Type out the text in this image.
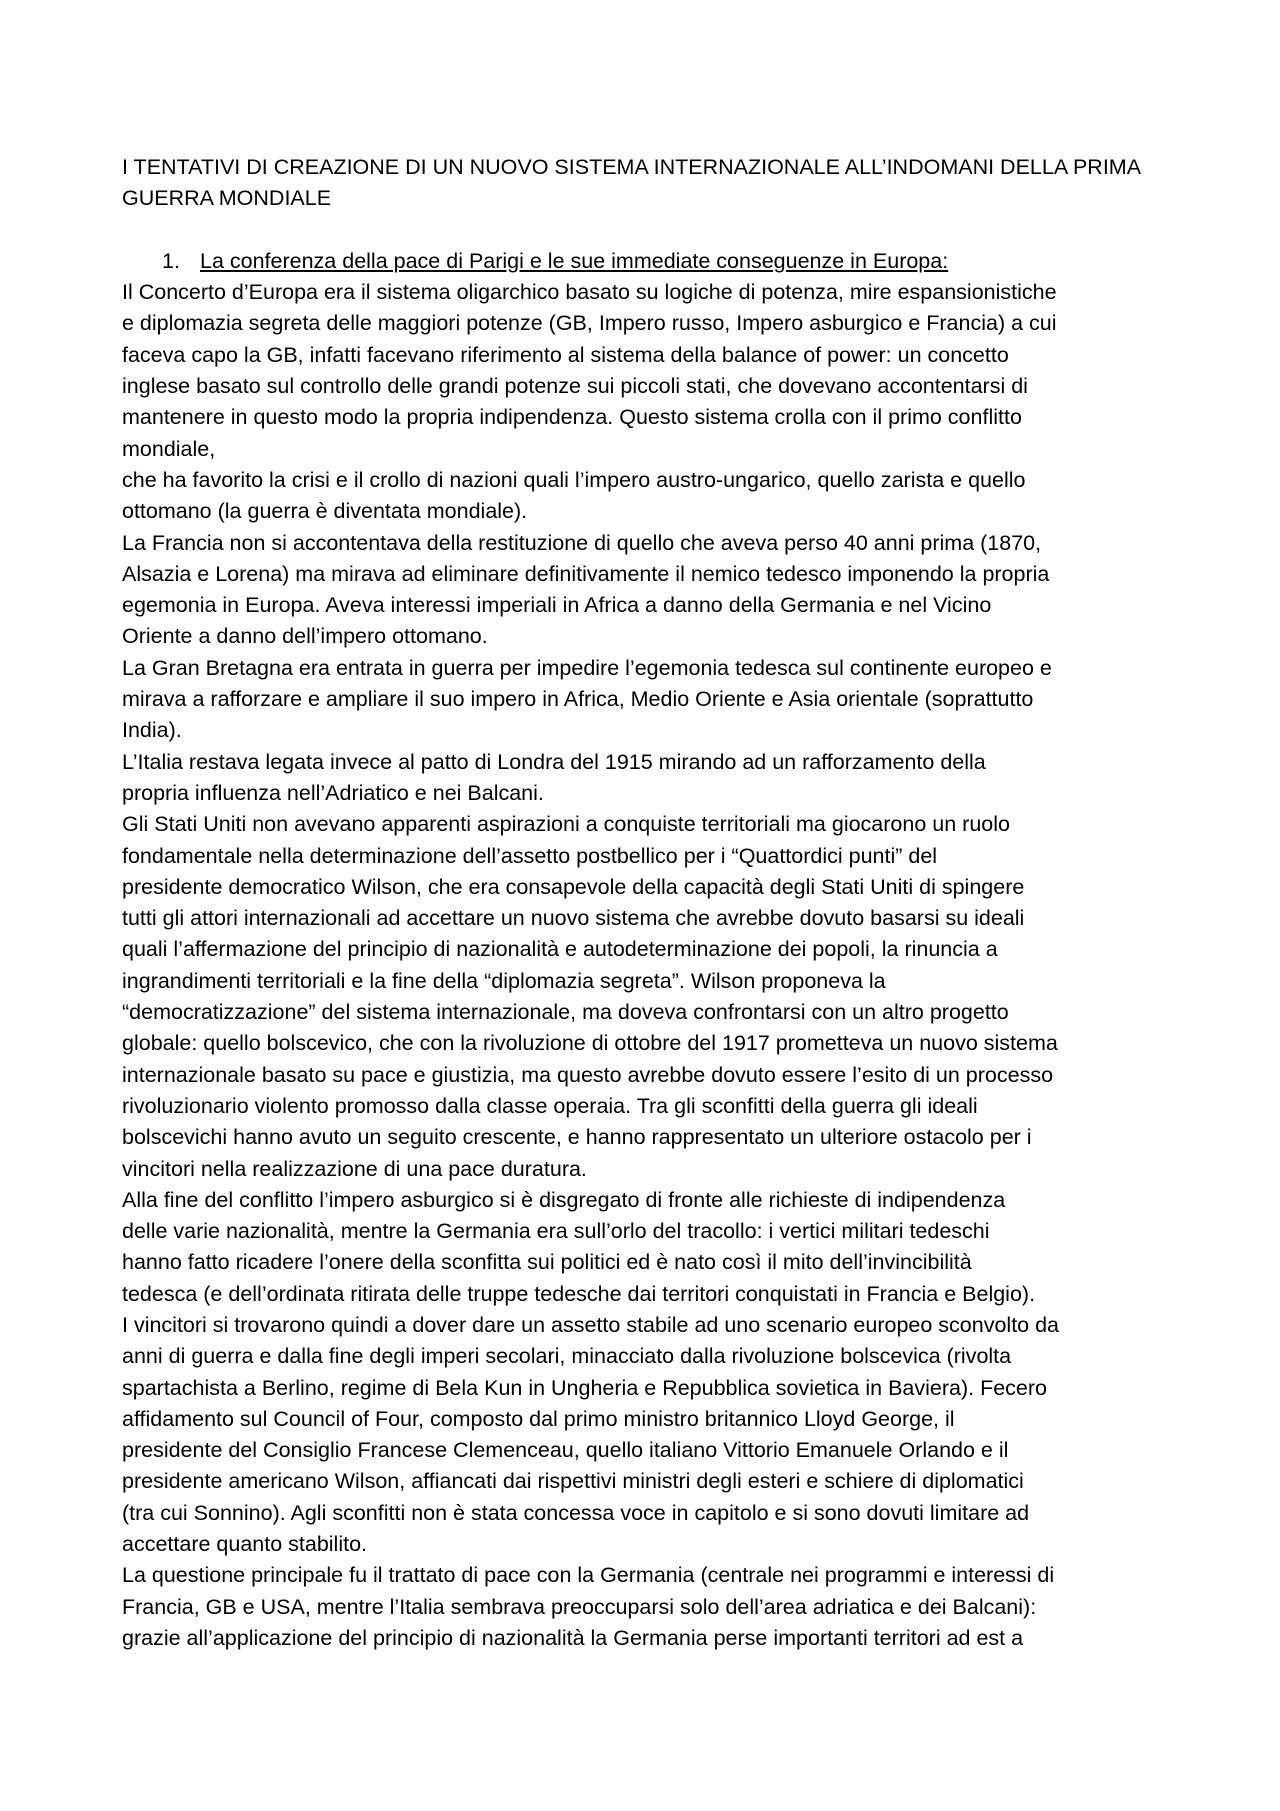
I TENTATIVI DI CREAZIONE DI UN NUOVO SISTEMA INTERNAZIONALE ALL’INDOMANI DELLA PRIMA
GUERRA MONDIALE
1. La conferenza della pace di Parigi e le sue immediate conseguenze in Europa:

Il Concerto d’Europa era il sistema oligarchico basato su logiche di potenza, mire espansionistiche
e diplomazia segreta delle maggiori potenze (GB, Impero russo, Impero asburgico e Francia) a cui
faceva capo la GB, infatti facevano riferimento al sistema della balance of power: un concetto
inglese basato sul controllo delle grandi potenze sui piccoli stati, che dovevano accontentarsi di
mantenere in questo modo la propria indipendenza. Questo sistema crolla con il primo conflitto
mondiale,

che ha favorito la crisi e il crollo di nazioni quali l’impero austro-ungarico, quello zarista e quello
ottomano (la guerra è diventata mondiale).

La Francia non si accontentava della restituzione di quello che aveva perso 40 anni prima (1870,
Alsazia e Lorena) ma mirava ad eliminare definitivamente il nemico tedesco imponendo la propria
egemonia in Europa. Aveva interessi imperiali in Africa a danno della Germania e nel Vicino
Oriente a danno dell’impero ottomano.

La Gran Bretagna era entrata in guerra per impedire l’egemonia tedesca sul continente europeo e
mirava a rafforzare e ampliare il suo impero in Africa, Medio Oriente e Asia orientale (soprattutto
India).

L’Italia restava legata invece al patto di Londra del 1915 mirando ad un rafforzamento della
propria influenza nell’Adriatico e nei Balcani.

Gli Stati Uniti non avevano apparenti aspirazioni a conquiste territoriali ma giocarono un ruolo
fondamentale nella determinazione dell’assetto postbellico per i “Quattordici punti” del
presidente democratico Wilson, che era consapevole della capacità degli Stati Uniti di spingere
tutti gli attori internazionali ad accettare un nuovo sistema che avrebbe dovuto basarsi su ideali
quali l’affermazione del principio di nazionalità e autodeterminazione dei popoli, la rinuncia a
ingrandimenti territoriali e la fine della “diplomazia segreta”. Wilson proponeva la
“democratizzazione” del sistema internazionale, ma doveva confrontarsi con un altro progetto
globale: quello bolscevico, che con la rivoluzione di ottobre del 1917 prometteva un nuovo sistema
internazionale basato su pace e giustizia, ma questo avrebbe dovuto essere l’esito di un processo
rivoluzionario violento promosso dalla classe operaia. Tra gli sconfitti della guerra gli ideali
bolscevichi hanno avuto un seguito crescente, e hanno rappresentato un ulteriore ostacolo per i
vincitori nella realizzazione di una pace duratura.

Alla fine del conflitto l’impero asburgico si è disgregato di fronte alle richieste di indipendenza
delle varie nazionalità, mentre la Germania era sull’orlo del tracollo: i vertici militari tedeschi
hanno fatto ricadere l’onere della sconfitta sui politici ed è nato così il mito dell’invincibilità
tedesca (e dell’ordinata ritirata delle truppe tedesche dai territori conquistati in Francia e Belgio).

I vincitori si trovarono quindi a dover dare un assetto stabile ad uno scenario europeo sconvolto da
anni di guerra e dalla fine degli imperi secolari, minacciato dalla rivoluzione bolscevica (rivolta
spartachista a Berlino, regime di Bela Kun in Ungheria e Repubblica sovietica in Baviera). Fecero
affidamento sul Council of Four, composto dal primo ministro britannico Lloyd George, il
presidente del Consiglio Francese Clemenceau, quello italiano Vittorio Emanuele Orlando e il
presidente americano Wilson, affiancati dai rispettivi ministri degli esteri e schiere di diplomatici
(tra cui Sonnino). Agli sconfitti non è stata concessa voce in capitolo e si sono dovuti limitare ad
accettare quanto stabilito.

La questione principale fu il trattato di pace con la Germania (centrale nei programmi e interessi di
Francia, GB e USA, mentre l’Italia sembrava preoccuparsi solo dell’area adriatica e dei Balcani):
grazie all’applicazione del principio di nazionalità la Germania perse importanti territori ad est a
